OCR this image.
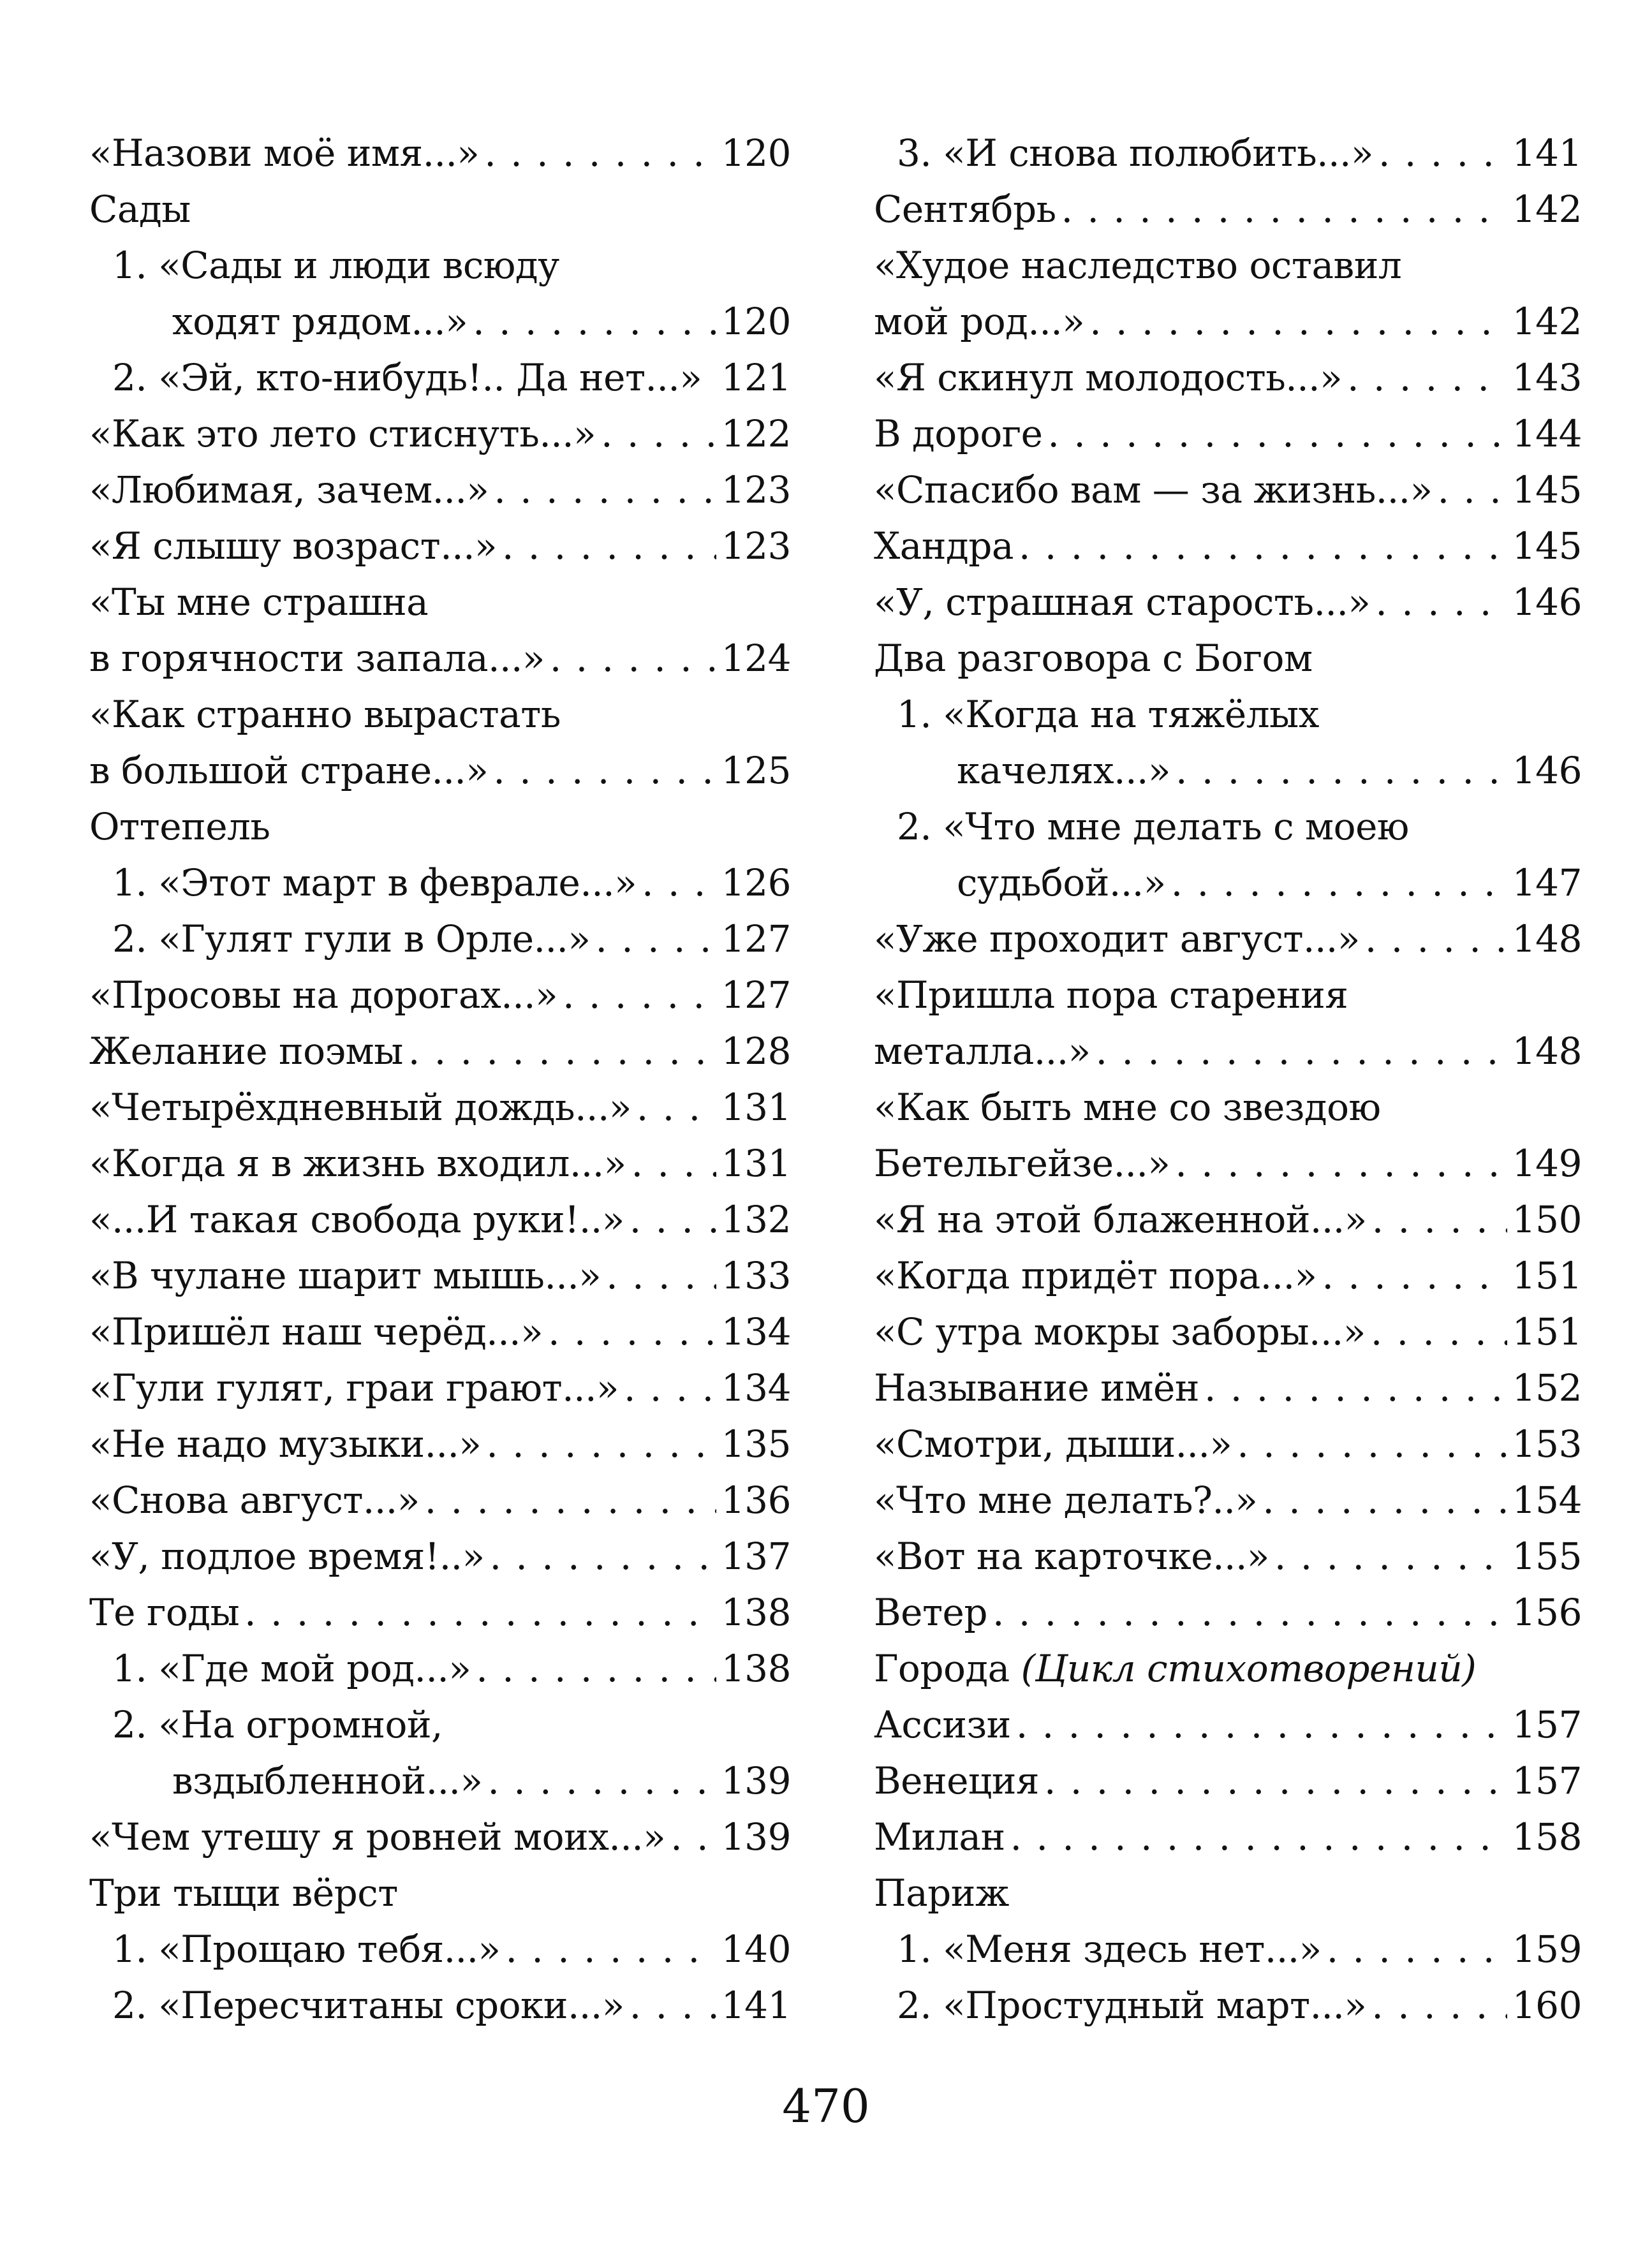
«Назови моё имя...» . . .	120
Сады
1. «Сады и люди всюду
ходят рядом...» . . .	120
2. «Эй, кто-нибудь!.. Да нет...» 121
«Как это лето стиснуть...» . . .	122
«Любимая, зачем...» . . .	123
«Я слышу возраст...» . . .	123
«Ты мне страшна
в горячности запала...» . . .	124
«Как странно вырастать
в большой стране...» . . .	125
Оттепель
1. «Этот март в феврале...» . . . 126
2. «Гулят гули в Орле...» . . .	127
«Просовы на дорогах...» . . .	127
Желание поэмы . . .	128
«Четырёхдневный дождь...» . . . 131
«Когда я в жизнь входил...» . . .	131
«...И такая свобода руки!..» . . .	132
«В чулане шарит мышь...» . . .	133
«Пришёл наш черёд...» . . .	134
«Гули гулят, граи грают...» . . .	134
«Не надо музыки...» . . .	135
«Снова август...» . . .	136
«У, подлое время!..» . . .	137
Те годы . . .	138
1. «Где мой род...» . . .	138
2. «На огромной,
вздыбленной...» . . .	139
«Чем утешу я ровней моих...» . . . 139
Три тыщи вёрст
1. «Прощаю тебя...» . . .	140
2. «Пересчитаны сроки...» . . .	141
3. «И снова полюбить...» . . .	141
Сентябрь . . .	142
«Худое наследство оставил
мой род...» . . .	142
«Я скинул молодость...» . . .	143
В дороге . . .	144
«Спасибо вам — за жизнь...» . . . 145
Хандра . . .	145
«У, страшная старость...» . . .	146
Два разговора с Богом
1. «Когда на тяжёлых
качелях...» . . .	146
2. «Что мне делать с моею
судьбой...» . . .	147
«Уже проходит август...» . . .	148
«Пришла пора старения
металла...» . . .	148
«Как быть мне со звездою
Бетельгейзе...» . . .	149
«Я на этой блаженной...» . . .	150
«Когда придёт пора...» . . .	151
«С утра мокры заборы...» . . .	151
Называние имён . . .	152
«Смотри, дыши...» . . .	153
«Что мне делать?..» . . .	154
«Вот на карточке...» . . .	155
Ветер . . .	156
Города (Цикл стихотворений)
Ассизи . . .	157
Венеция . . .	157
Милан . . .	158
Париж
1. «Меня здесь нет...» . . .	159
2. «Простудный март...» . . .	160
470
